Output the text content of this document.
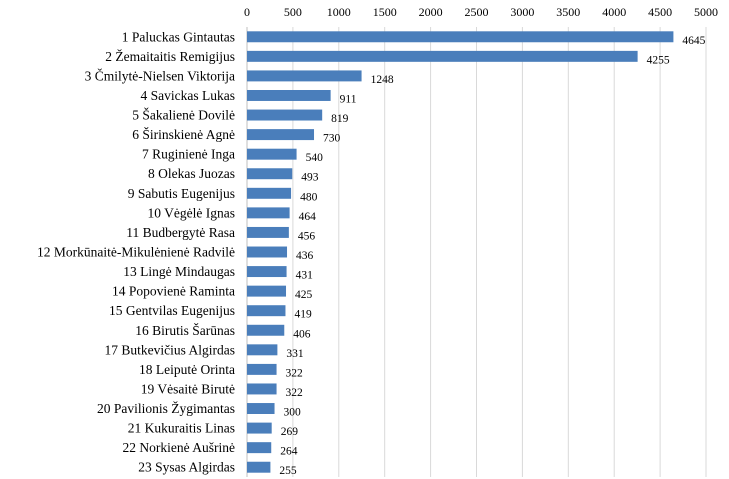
0	500 1000 1500 2000 2500 3000 3500 4000 4500 5000
1 Paluckas Gintautas
2 Žemaitaitis Remigijus
3 Čmilytė-Nielsen Viktorija
4 Savickas Lukas
5 Šakalienė Dovilė
6 Širinskienė Agnė
7 Ruginienė Inga
8 Olekas Juozas
9 Sabutis Eugenijus
10 Vėgėlė Ignas
11 Budbergytė Rasa
12 Morkūnaitė-Mikulėnienė Radvilė
13 Lingė Mindaugas
14 Popovienė Raminta
15 Gentvilas Eugenijus
16 Birutis Šarūnas
17 Butkevičius Algirdas
18 Leiputė Orinta
19 Vėsaitė Birutė
20 Pavilionis Žygimantas
21 Kukuraitis Linas
22 Norkienė Aušrinė
23 Sysas Algirdas
4645
4255
1248
911
819
730
540
493
480
464
456
436
431
425
419
406
331
322
322
300
269
264
255
